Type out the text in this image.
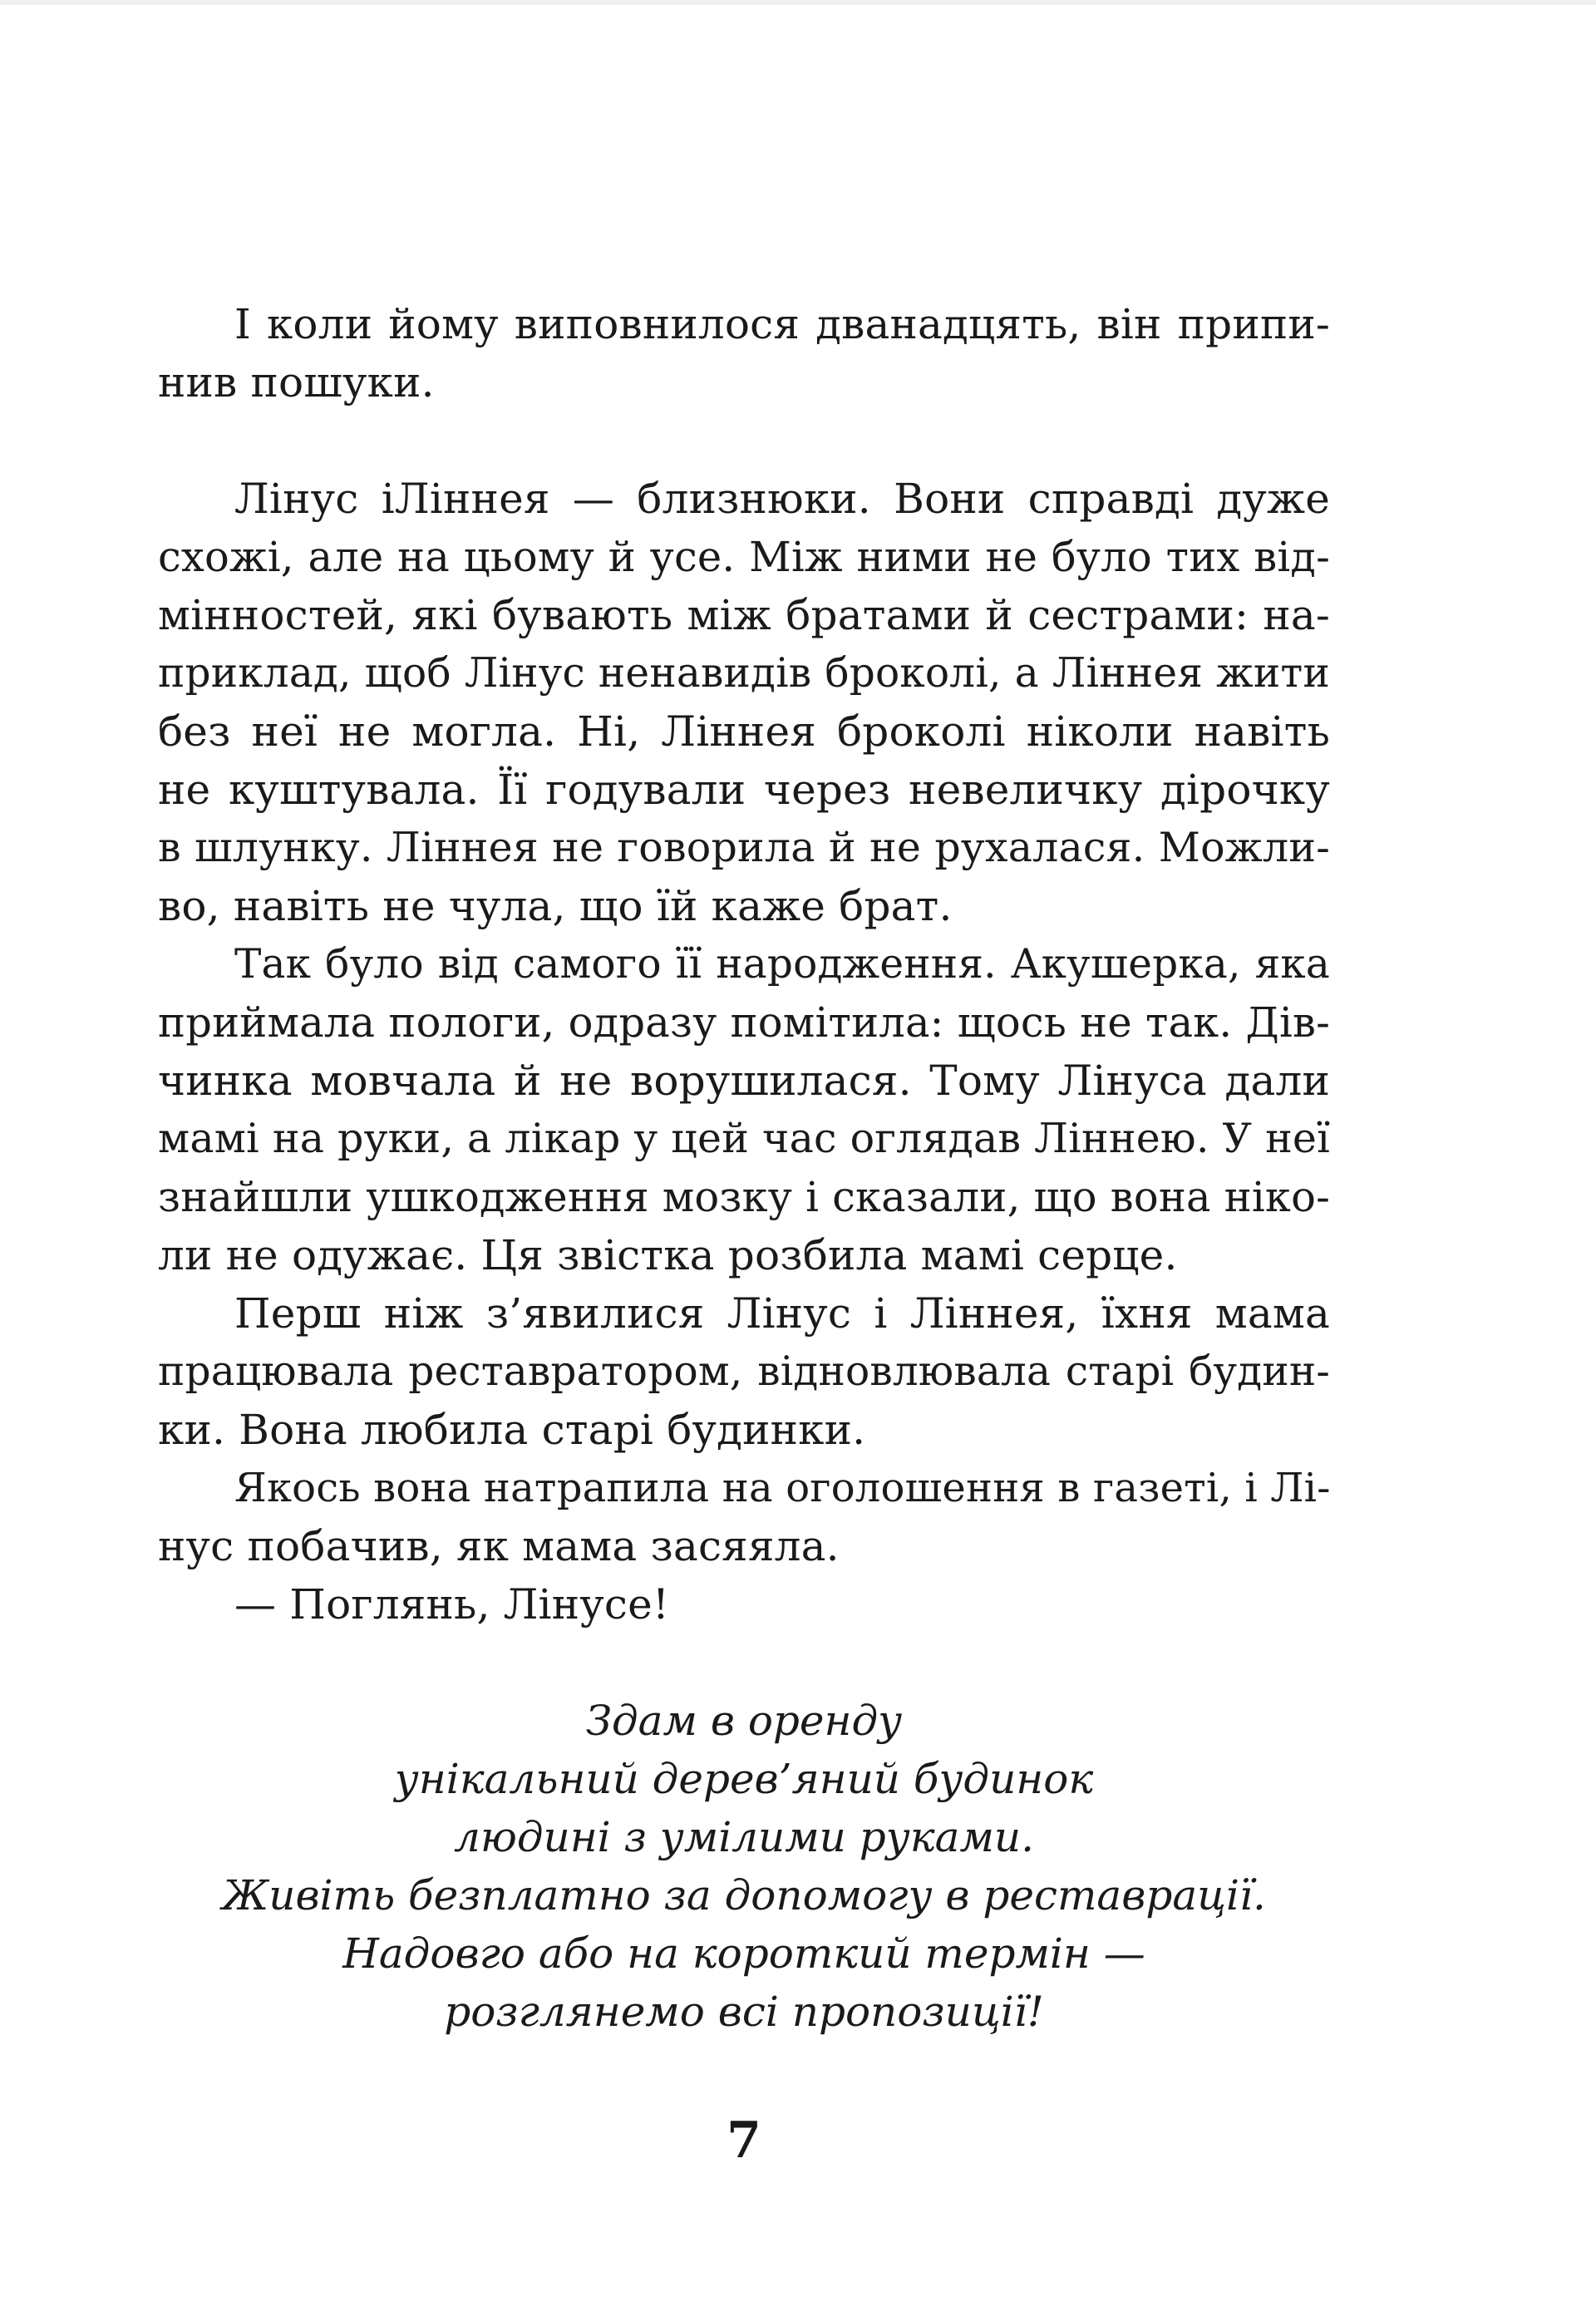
І коли йому виповнилося дванадцять, він припи-
нив пошуки.
Лінус іЛіннея — близнюки. Вони справді дуже
схожі, але на цьому й усе. Між ними не було тих від-
мінностей, які бувають між братами й сестрами: на-
приклад, щоб Лінус ненавидів броколі, а Ліннея жити
без неї не могла. Ні, Ліннея броколі ніколи навіть
не куштувала. Її годували через невеличку дірочку
в шлунку. Ліннея не говорила й не рухалася. Можли-
во, навіть не чула, що їй каже брат.
Так було від самого її народження. Акушерка, яка
приймала пологи, одразу помітила: щось не так. Дів-
чинка мовчала й не ворушилася. Тому Лінуса дали
мамі на руки, а лікар у цей час оглядав Ліннею. У неї
знайшли ушкодження мозку і сказали, що вона ніко-
ли не одужає. Ця звістка розбила мамі серце.
Перш ніж з’явилися Лінус і Ліннея, їхня мама
працювала реставратором, відновлювала старі будин-
ки. Вона любила старі будинки.
Якось вона натрапила на оголошення в газеті, і Лі-
нус побачив, як мама засяяла.
— Поглянь, Лінусе!
Здам в оренду
унікальний дерев’яний будинок
людині з умілими руками.
Живіть безплатно за допомогу в реставрації.
Надовго або на короткий термін —
розглянемо всі пропозиції!
7
